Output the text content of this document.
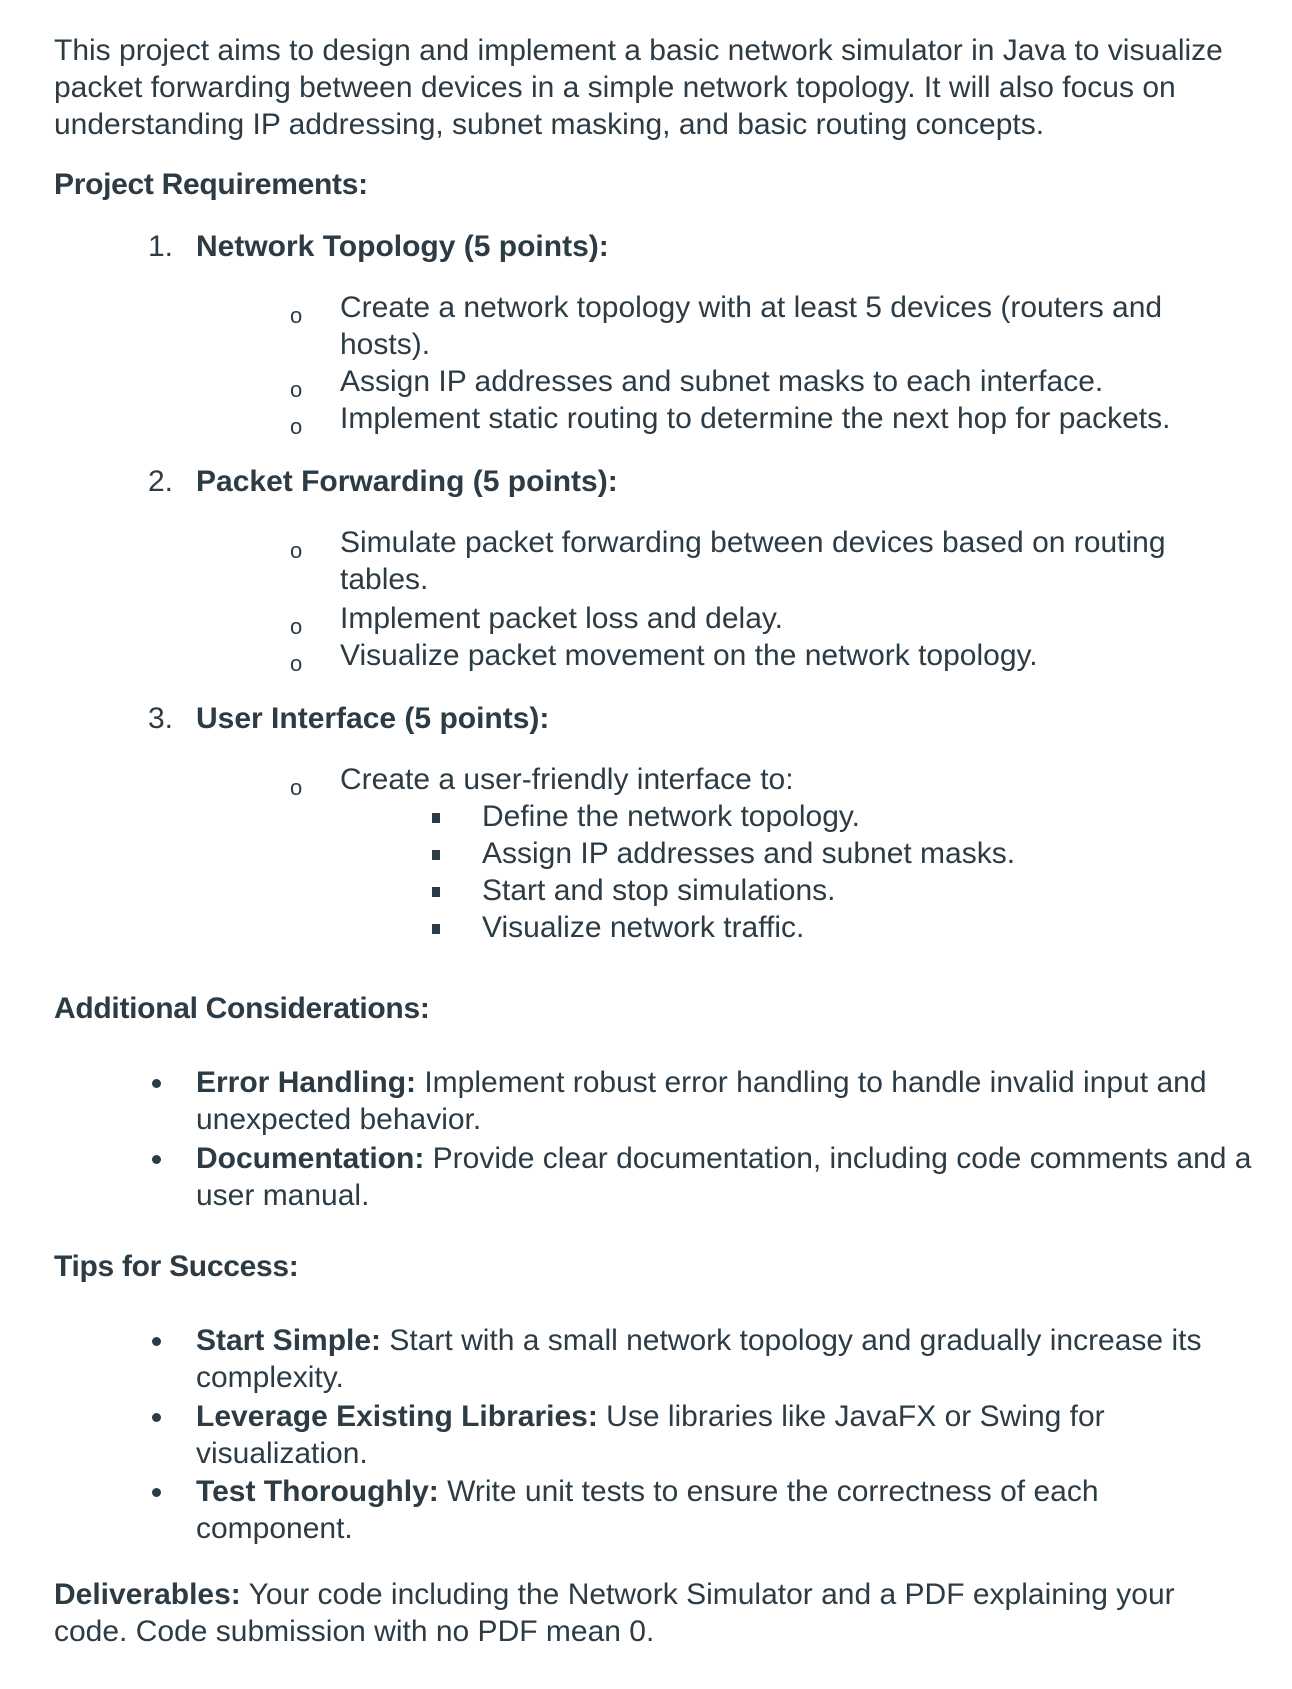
This project aims to design and implement a basic network simulator in Java to visualize
packet forwarding between devices in a simple network topology. It will also focus on
understanding IP addressing, subnet masking, and basic routing concepts.
Project Requirements:
1. Network Topology (5 points):
o Create a network topology with at least 5 devices (routers and hosts).
o Assign IP addresses and subnet masks to each interface.
o Implement static routing to determine the next hop for packets.
2. Packet Forwarding (5 points):
o Simulate packet forwarding between devices based on routing tables.
o Implement packet loss and delay.
o Visualize packet movement on the network topology.
3. User Interface (5 points):
o Create a user-friendly interface to:
Define the network topology.
Assign IP addresses and subnet masks.
Start and stop simulations.
Visualize network traffic.
Additional Considerations:
Error Handling: Implement robust error handling to handle invalid input and unexpected behavior.
Documentation: Provide clear documentation, including code comments and a user manual.
Tips for Success:
Start Simple: Start with a small network topology and gradually increase its complexity.
Leverage Existing Libraries: Use libraries like JavaFX or Swing for visualization.
Test Thoroughly: Write unit tests to ensure the correctness of each component.
Deliverables: Your code including the Network Simulator and a PDF explaining your code. Code submission with no PDF mean 0.
